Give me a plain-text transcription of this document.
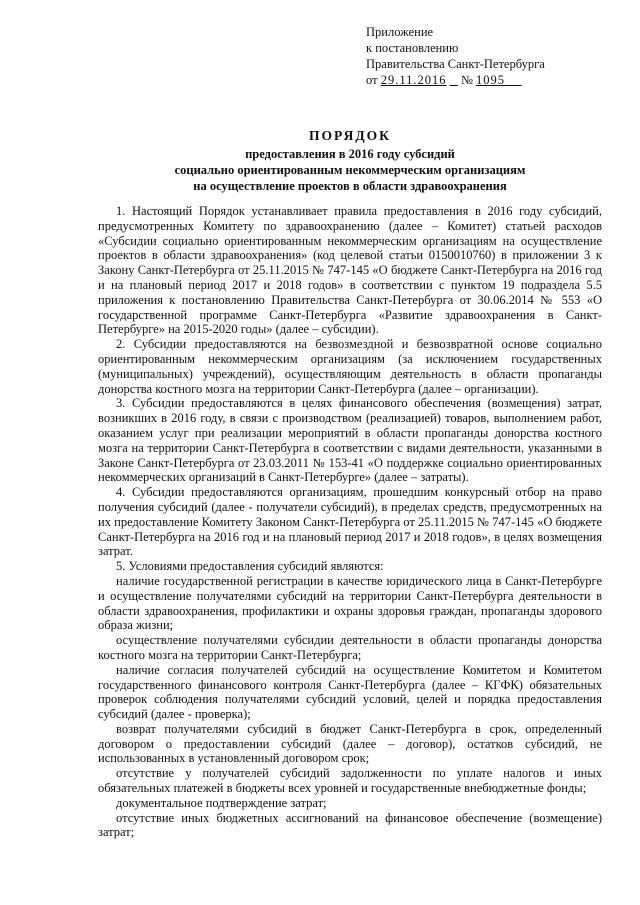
Приложение
к постановлению
Правительства Санкт-Петербурга
от 29.11.2016 № 1095
ПОРЯДОК
предоставления в 2016 году субсидий
социально ориентированным некоммерческим организациям
на осуществление проектов в области здравоохранения

1. Настоящий Порядок устанавливает правила предоставления в 2016 году субсидий, предусмотренных Комитету по здравоохранению (далее – Комитет) статьей расходов «Субсидии социально ориентированным некоммерческим организациям на осуществление проектов в области здравоохранения» (код целевой статьи 0150010760) в приложении 3 к Закону Санкт-Петербурга от 25.11.2015 № 747-145 «О бюджете Санкт-Петербурга на 2016 год и на плановый период 2017 и 2018 годов» в соответствии с пунктом 19 подраздела 5.5 приложения к постановлению Правительства Санкт-Петербурга от 30.06.2014 № 553 «О государственной программе Санкт-Петербурга «Развитие здравоохранения в Санкт-Петербурге» на 2015-2020 годы» (далее – субсидии).

2. Субсидии предоставляются на безвозмездной и безвозвратной основе социально ориентированным некоммерческим организациям (за исключением государственных (муниципальных) учреждений), осуществляющим деятельность в области пропаганды донорства костного мозга на территории Санкт-Петербурга (далее – организации).

3. Субсидии предоставляются в целях финансового обеспечения (возмещения) затрат, возникших в 2016 году, в связи с производством (реализацией) товаров, выполнением работ, оказанием услуг при реализации мероприятий в области пропаганды донорства костного мозга на территории Санкт-Петербурга в соответствии с видами деятельности, указанными в Законе Санкт-Петербурга от 23.03.2011 № 153-41 «О поддержке социально ориентированных некоммерческих организаций в Санкт-Петербурге» (далее – затраты).

4. Субсидии предоставляются организациям, прошедшим конкурсный отбор на право получения субсидий (далее - получатели субсидий), в пределах средств, предусмотренных на их предоставление Комитету Законом Санкт-Петербурга от 25.11.2015 № 747-145 «О бюджете Санкт-Петербурга на 2016 год и на плановый период 2017 и 2018 годов», в целях возмещения затрат.

5. Условиями предоставления субсидий являются:

наличие государственной регистрации в качестве юридического лица в Санкт-Петербурге и осуществление получателями субсидий на территории Санкт-Петербурга деятельности в области здравоохранения, профилактики и охраны здоровья граждан, пропаганды здорового образа жизни;

осуществление получателями субсидии деятельности в области пропаганды донорства костного мозга на территории Санкт-Петербурга;

наличие согласия получателей субсидий на осуществление Комитетом и Комитетом государственного финансового контроля Санкт-Петербурга (далее – КГФК) обязательных проверок соблюдения получателями субсидий условий, целей и порядка предоставления субсидий (далее - проверка);

возврат получателями субсидий в бюджет Санкт-Петербурга в срок, определенный договором о предоставлении субсидий (далее – договор), остатков субсидий, не использованных в установленный договором срок;

отсутствие у получателей субсидий задолженности по уплате налогов и иных обязательных платежей в бюджеты всех уровней и государственные внебюджетные фонды;

документальное подтверждение затрат;

отсутствие иных бюджетных ассигнований на финансовое обеспечение (возмещение) затрат;
